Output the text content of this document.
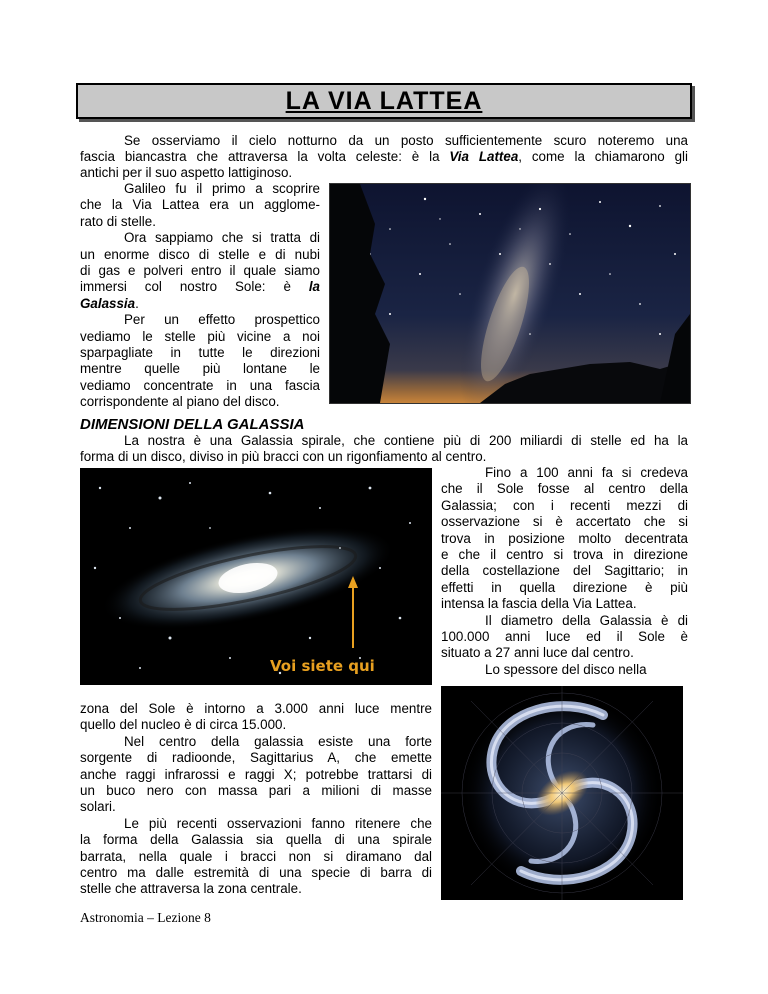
LA VIA LATTEA

Se osserviamo il cielo notturno da un posto sufficientemente scuro noteremo una

fascia biancastra che attraversa la volta celeste: è la Via Lattea, come la chiamarono gli

antichi per il suo aspetto lattiginoso.

Galileo fu il primo a scoprire

che la Via Lattea era un agglome-

rato di stelle.

Ora sappiamo che si tratta di

un enorme disco di stelle e di nubi

di gas e polveri entro il quale siamo

immersi col nostro Sole: è la

Galassia.

Per un effetto prospettico

vediamo le stelle più vicine a noi

sparpagliate in tutte le direzioni

mentre quelle più lontane le

vediamo concentrate in una fascia

corrispondente al piano del disco.

DIMENSIONI DELLA GALASSIA

La nostra è una Galassia spirale, che contiene più di 200 miliardi di stelle ed ha la

forma di un disco, diviso in più bracci con un rigonfiamento al centro.

Voi siete qui

Fino a 100 anni fa si credeva

che il Sole fosse al centro della

Galassia; con i recenti mezzi di

osservazione si è accertato che si

trova in posizione molto decentrata

e che il centro si trova in direzione

della costellazione del Sagittario; in

effetti in quella direzione è più

intensa la fascia della Via Lattea.

Il diametro della Galassia è di

100.000 anni luce ed il Sole è

situato a 27 anni luce dal centro.

Lo spessore del disco nella

zona del Sole è intorno a 3.000 anni luce mentre

quello del nucleo è di circa 15.000.

Nel centro della galassia esiste una forte

sorgente di radioonde, Sagittarius A, che emette

anche raggi infrarossi e raggi X; potrebbe trattarsi di

un buco nero con massa pari a milioni di masse

solari.

Le più recenti osservazioni fanno ritenere che

la forma della Galassia sia quella di una spirale

barrata, nella quale i bracci non si diramano dal

centro ma dalle estremità di una specie di barra di

stelle che attraversa la zona centrale.

Astronomia – Lezione 8
